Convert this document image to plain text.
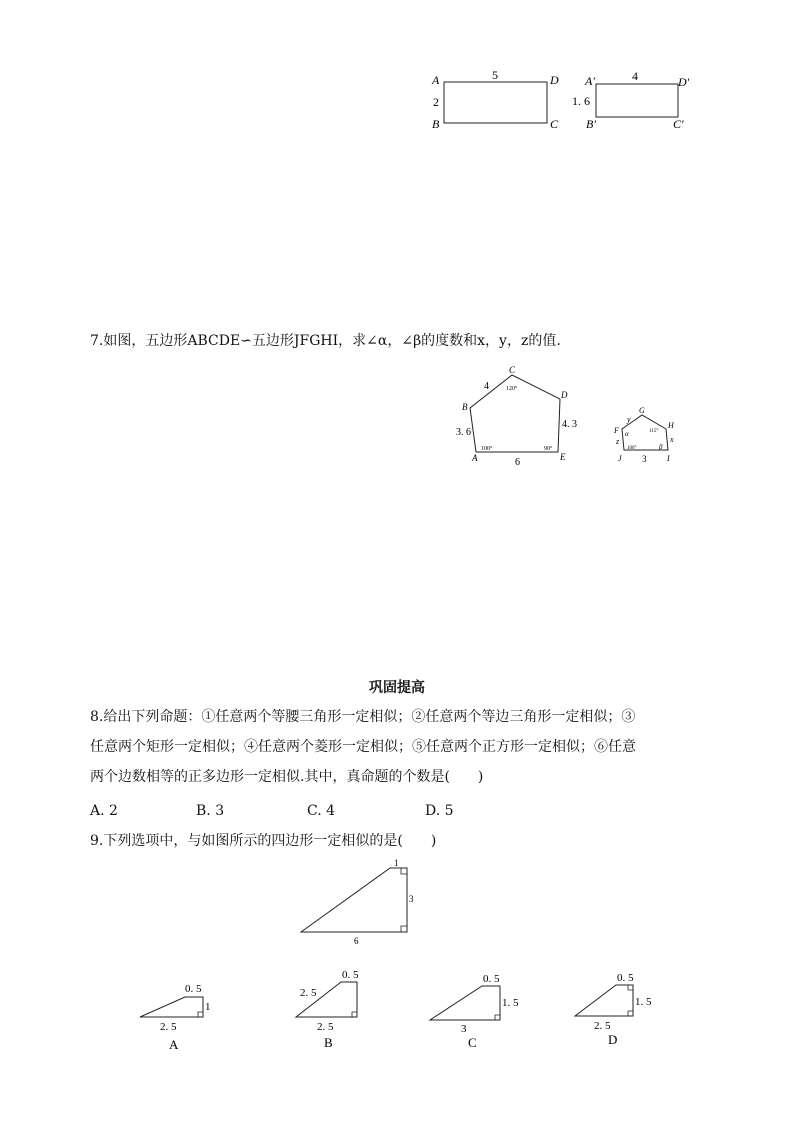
A
B	C
D
5
2
A′
B′	C′
D′
4
1. 6
7.如图，五边形ABCDE∽五边形JFGHI，求∠α，∠β的度数和x，y，z的值.
B
C
D
E
A
3. 6
4
4. 3
6
120°
100°	90°
F
G
H
I
J
y
z	x
3
α
β
115°
100°
巩固提高
8.给出下列命题：①任意两个等腰三角形一定相似；②任意两个等边三角形一定相似；③
任意两个矩形一定相似；④任意两个菱形一定相似；⑤任意两个正方形一定相似；⑥任意
两个边数相等的正多边形一定相似.其中，真命题的个数是(　　)
A. 2	B. 3	C. 4	D. 5
9.下列选项中，与如图所示的四边形一定相似的是(　　)
1
3
6
0. 5
1
2. 5
A
0. 5
2. 5
2. 5
B
0. 5
1. 5
3
C
0. 5
1. 5
2. 5
D
